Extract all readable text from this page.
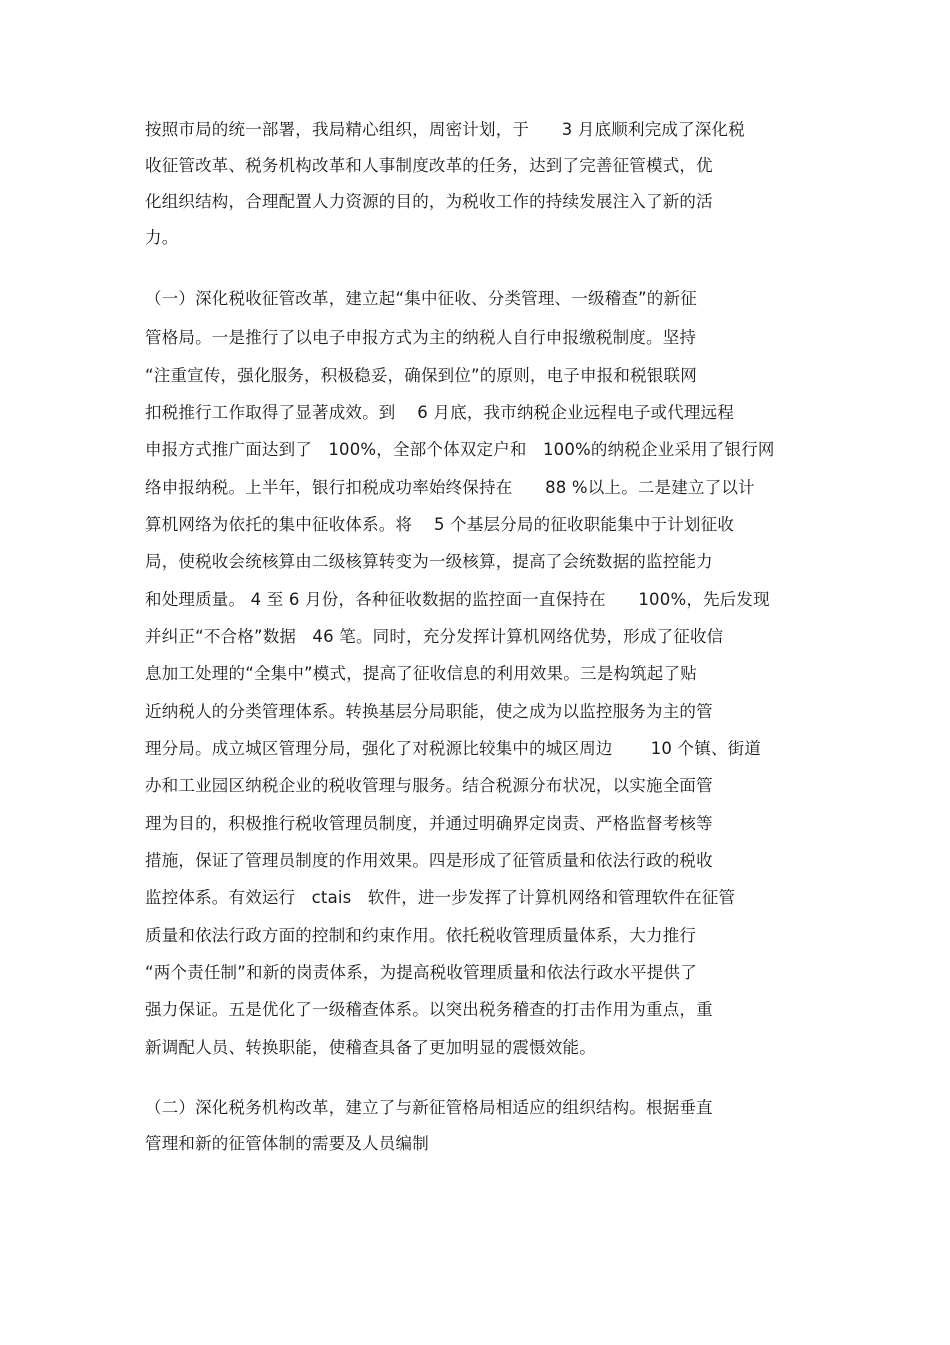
按照市局的统一部署，我局精心组织，周密计划，于      3 月底顺利完成了深化税
收征管改革、税务机构改革和人事制度改革的任务，达到了完善征管模式，优
化组织结构，合理配置人力资源的目的，为税收工作的持续发展注入了新的活
力。
（一）深化税收征管改革，建立起“集中征收、分类管理、一级稽查”的新征
管格局。一是推行了以电子申报方式为主的纳税人自行申报缴税制度。坚持
“注重宣传，强化服务，积极稳妥，确保到位”的原则，电子申报和税银联网
扣税推行工作取得了显著成效。到    6 月底，我市纳税企业远程电子或代理远程
申报方式推广面达到了   100%，全部个体双定户和   100%的纳税企业采用了银行网
络申报纳税。上半年，银行扣税成功率始终保持在      88 %以上。二是建立了以计
算机网络为依托的集中征收体系。将    5 个基层分局的征收职能集中于计划征收
局，使税收会统核算由二级核算转变为一级核算，提高了会统数据的监控能力
和处理质量。 4 至 6 月份，各种征收数据的监控面一直保持在      100%，先后发现
并纠正“不合格”数据   46 笔。同时，充分发挥计算机网络优势，形成了征收信
息加工处理的“全集中”模式，提高了征收信息的利用效果。三是构筑起了贴
近纳税人的分类管理体系。转换基层分局职能，使之成为以监控服务为主的管
理分局。成立城区管理分局，强化了对税源比较集中的城区周边       10 个镇、街道
办和工业园区纳税企业的税收管理与服务。结合税源分布状况，以实施全面管
理为目的，积极推行税收管理员制度，并通过明确界定岗责、严格监督考核等
措施，保证了管理员制度的作用效果。四是形成了征管质量和依法行政的税收
监控体系。有效运行   ctais   软件，进一步发挥了计算机网络和管理软件在征管
质量和依法行政方面的控制和约束作用。依托税收管理质量体系，大力推行
“两个责任制”和新的岗责体系，为提高税收管理质量和依法行政水平提供了
强力保证。五是优化了一级稽查体系。以突出税务稽查的打击作用为重点，重
新调配人员、转换职能，使稽查具备了更加明显的震慑效能。
（二）深化税务机构改革，建立了与新征管格局相适应的组织结构。根据垂直
管理和新的征管体制的需要及人员编制
